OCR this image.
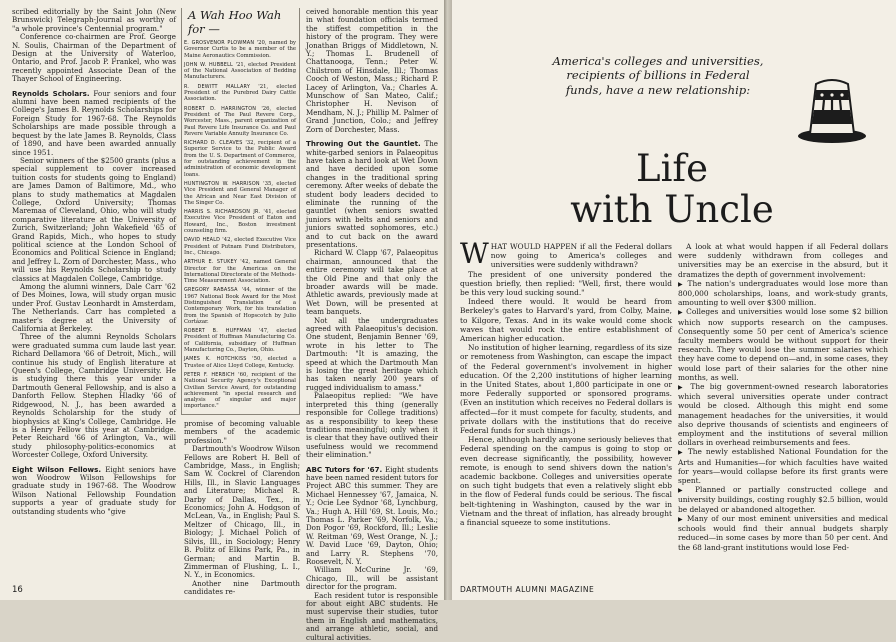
scribed editorially by the Saint John (New Brunswick) Telegraph-Journal as worthy of "a whole province's Centennial program."

Conference co-chairmen are Prof. George N. Soulis, Chairman of the Department of Design at the University of Waterloo, Ontario, and Prof. Jacob P. Frankel, who was recently appointed Associate Dean of the Thayer School of Engineering.

Reynolds Scholars. Four seniors and four alumni have been named recipients of the College's James B. Reynolds Scholarships for Foreign Study for 1967-68. The Reynolds Scholarships are made possible through a bequest by the late James B. Reynolds, Class of 1890, and have been awarded annually since 1951.

Senior winners of the $2500 grants (plus a special supplement to cover increased tuition costs for students going to England) are James Damon of Baltimore, Md., who plans to study mathematics at Magdalen College, Oxford University; Thomas Maremaa of Cleveland, Ohio, who will study comparative literature at the University of Zurich, Switzerland; John Wakefield '65 of Grand Rapids, Mich., who hopes to study political science at the London School of Economics and Political Science in England; and Jeffrey L. Zorn of Dorchester, Mass., who will use his Reynolds Scholarship to study classics at Magdalen College, Cambridge.

Among the alumni winners, Dale Carr '62 of Des Moines, Iowa, will study organ music under Prof. Gustav Leonhardt in Amsterdam, The Netherlands. Carr has completed a master's degree at the University of California at Berkeley.

Three of the alumni Reynolds Scholars were graduated summa cum laude last year. Richard Dellamora '66 of Detroit, Mich., will continue his study of English literature at Queen's College, Cambridge University. He is studying there this year under a Dartmouth General Fellowship, and is also a Danforth Fellow. Stephen Hladky '66 of Ridgewood, N. J., has been awarded a Reynolds Scholarship for the study of biophysics at King's College, Cambridge. He is a Henry Fellow this year at Cambridge. Peter Reichard '66 of Arlington, Va., will study philosophy-politics-economics at Worcester College, Oxford University.

Eight Wilson Fellows. Eight seniors have won Woodrow Wilson Fellowships for graduate study in 1967-68. The Woodrow Wilson National Fellowship Foundation supports a year of graduate study for outstanding students who "give

A Wah Hoo Wah for —

E. GROSVENOR PLOWMAN '20, named by Governor Curtis to be a member of the Maine Aeronautics Commission.

JOHN W. HUBBELL '21, elected President of the National Association of Bedding Manufacturers.

R. DEWITT MALLARY '21, elected President of the Purebred Dairy Cattle Association.

ROBERT D. HARRINGTON '26, elected President of The Paul Revere Corp., Worcester, Mass., parent organization of Paul Revere Life Insurance Co. and Paul Revere Variable Annuity Insurance Co.

RICHARD D. CLEAVES '32, recipient of a Superior Service to the Public Award from the U. S. Department of Commerce, for outstanding achievement in the administration of economic development loans.

HUNTINGTON W. HARRISON '35, elected Vice President and General Manager of the African and Near East Division of The Singer Co.

HARRIS S. RICHARDSON JR. '41, elected Executive Vice President of Eaton and Howard, Inc., Boston investment counseling firm.

DAVID HEALD '42, elected Executive Vice President of Putnam Fund Distributors, Inc., Chicago.

ARTHUR E. STUKEY '42, named General Director for the Americas on the International Directorate of the Methods-Time Measurement Association.

GREGORY RABASSA '44, winner of the 1967 National Book Award for the Most Distinguished Translation of a Contemporary Work, for his translation from the Spanish of Hopscotch by Julio Cortázar.

ROBERT B. HUFFMAN '47, elected President of Huffman Manufacturing Co. of California, subsidiary of Huffman Manufacturing Co., Dayton, Ohio.

JAMES K. HOTCHKISS '50, elected a Trustee of Alice Lloyd College, Kentucky.

PETER F. HERBICH '60, recipient of the National Security Agency's Exceptional Civilian Service Award, for outstanding achievement "in special research and analysis of singular and major importance."

promise of becoming valuable members of the academic profession."

Dartmouth's Woodrow Wilson Fellows are Robert H. Bell of Cambridge, Mass., in English; Sam W. Cockrel of Clarendon Hills, Ill., in Slavic Languages and Literature; Michael R. Darby of Dallas, Tex., in Economics; John A. Hodgson of McLean, Va., in English; Paul S. Meltzer of Chicago, Ill., in Biology; J. Michael Polich of Silvis, Ill., in Sociology; Henry B. Politz of Elkins Park, Pa., in German; and Martin B. Zimmerman of Flushing, L. I., N. Y., in Economics.

Another nine Dartmouth candidates re-

ceived honorable mention this year in what foundation officials termed the stiffest competition in the history of the program. They were Jonathan Briggs of Middletown, N. Y.; Thomas L. Brudenell of Chattanooga, Tenn.; Peter W. Chilstrom of Hinsdale, Ill.; Thomas Cooch of Weston, Mass.; Richard P. Lacey of Arlington, Va.; Charles A. Munschow of San Mateo, Calif.; Christopher H. Nevison of Mendham, N. J.; Phillip M. Palmer of Grand Junction, Colo.; and Jeffrey Zorn of Dorchester, Mass.

Throwing Out the Gauntlet. The white-garbed seniors in Palaeopitus have taken a hard look at Wet Down and have decided upon some changes in the traditional spring ceremony. After weeks of debate the student body leaders decided to eliminate the running of the gauntlet (when seniors swatted juniors with belts and seniors and juniors swatted sophomores, etc.) and to cut back on the award presentations.

Richard W. Clapp '67, Palaeopitus chairman, announced that the entire ceremony will take place at the Old Pine and that only the broader awards will be made. Athletic awards, previously made at Wet Down, will be presented at team banquets.

Not all the undergraduates agreed with Palaeopitus's decision. One student, Benjamin Benner '69, wrote in his letter to The Dartmouth: "It is amazing, the speed at which the Dartmouth Man is losing the great heritage which has taken nearly 200 years of rugged individualism to amass."

Palaeopitus replied: "We have interpreted this thing (generally responsible for College traditions) as a responsibility to keep these traditions meaningful; only when it is clear that they have outlived their usefulness would we recommend their elimination."

ABC Tutors for '67. Eight students have been named resident tutors for Project ABC this summer. They are Michael Hennessey '67, Jamaica, N. Y.; Ocie Lee Sydnor '68, Lynchburg, Va.; Hugh A. Hill '69, St. Louis, Mo.; Thomas L. Parker '69, Norfolk, Va.; Don Pogor '69, Rockford, Ill.; Leslie W. Reitman '69, West Orange, N. J.; W. David Luce '69, Dayton, Ohio; and Larry R. Stephens '70, Roosevelt, N. Y.

William McCurine Jr. '69, Chicago, Ill., will be assistant director for the program.

Each resident tutor is responsible for about eight ABC students. He must supervise their studies, tutor them in English and mathematics, and arrange athletic, social, and cultural activities.

16
America's colleges and universities, recipients of billions in Federal funds, have a new relationship:
Life
with Uncle

WHAT WOULD HAPPEN if all the Federal dollars now going to America's colleges and universities were suddenly withdrawn?

The president of one university pondered the question briefly, then replied: "Well, first, there would be this very loud sucking sound."

Indeed there would. It would be heard from Berkeley's gates to Harvard's yard, from Colby, Maine, to Kilgore, Texas. And in its wake would come shock waves that would rock the entire establishment of American higher education.

No institution of higher learning, regardless of its size or remoteness from Washington, can escape the impact of the Federal government's involvement in higher education. Of the 2,200 institutions of higher learning in the United States, about 1,800 participate in one or more Federally supported or sponsored programs. (Even an institution which receives no Federal dollars is affected—for it must compete for faculty, students, and private dollars with the institutions that do receive Federal funds for such things.)

Hence, although hardly anyone seriously believes that Federal spending on the campus is going to stop or even decrease significantly, the possibility, however remote, is enough to send shivers down the nation's academic backbone. Colleges and universities operate on such tight budgets that even a relatively slight ebb in the flow of Federal funds could be serious. The fiscal belt-tightening in Washington, caused by the war in Vietnam and the threat of inflation, has already brought a financial squeeze to some institutions.

A look at what would happen if all Federal dollars were suddenly withdrawn from colleges and universities may be an exercise in the absurd, but it dramatizes the depth of government involvement:

▶ The nation's undergraduates would lose more than 800,000 scholarships, loans, and work-study grants, amounting to well over $300 million.
▶ Colleges and universities would lose some $2 billion which now supports research on the campuses. Consequently some 50 per cent of America's science faculty members would be without support for their research. They would lose the summer salaries which they have come to depend on—and, in some cases, they would lose part of their salaries for the other nine months, as well.
▶ The big government-owned research laboratories which several universities operate under contract would be closed. Although this might end some management headaches for the universities, it would also deprive thousands of scientists and engineers of employment and the institutions of several million dollars in overhead reimbursements and fees.
▶ The newly established National Foundation for the Arts and Humanities—for which faculties have waited for years—would collapse before its first grants were spent.
▶ Planned or partially constructed college and university buildings, costing roughly $2.5 billion, would be delayed or abandoned altogether.
▶ Many of our most eminent universities and medical schools would find their annual budgets sharply reduced—in some cases by more than 50 per cent. And the 68 land-grant institutions would lose Fed-
DARTMOUTH ALUMNI MAGAZINE
